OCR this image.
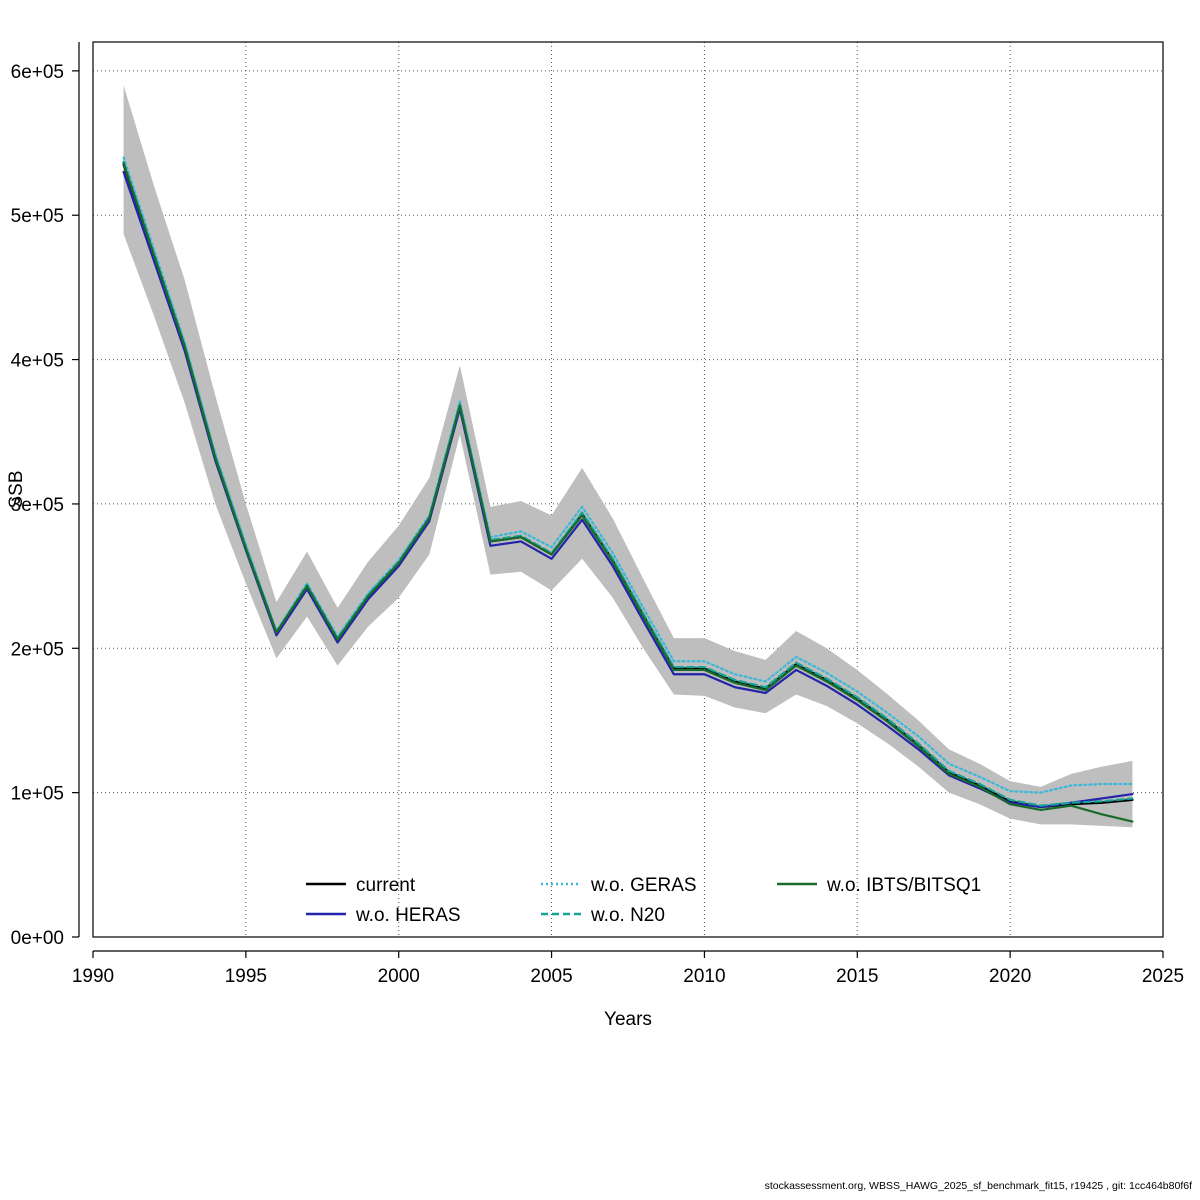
1990	1995	2000	2005	2010	2015	2020	2025
0e+00
1e+05
2e+05
3e+05
4e+05
5e+05
6e+05
Years
SSB
current
w.o. HERAS
w.o. GERAS
w.o. N20
w.o. IBTS/BITSQ1
stockassessment.org, WBSS_HAWG_2025_sf_benchmark_fit15, r19425 , git: 1cc464b80f6f
